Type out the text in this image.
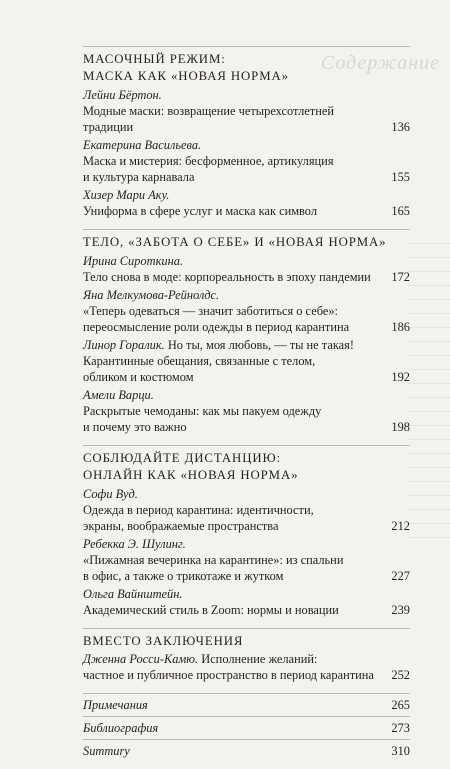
Содержание
МАСОЧНЫЙ РЕЖИМ:
МАСКА КАК «НОВАЯ НОРМА»
Лейни Бёртон.
Модные маски: возвращение четырехсотлетней традиции	136
Екатерина Васильева.
Маска и мистерия: бесформенное, артикуляция
и культура карнавала	155
Хизер Мари Аку.
Униформа в сфере услуг и маска как символ	165
ТЕЛО, «ЗАБОТА О СЕБЕ» И «НОВАЯ НОРМА»
Ирина Сироткина.
Тело снова в моде: корпореальность в эпоху пандемии	172
Яна Мелкумова-Рейнолдс.
«Теперь одеваться — значит заботиться о себе»:
переосмысление роли одежды в период карантина	186
Линор Горалик. Но ты, моя любовь, — ты не такая!
Карантинные обещания, связанные с телом,
обликом и костюмом	192
Амели Варци.
Раскрытые чемоданы: как мы пакуем одежду
и почему это важно	198
СОБЛЮДАЙТЕ ДИСТАНЦИЮ:
ОНЛАЙН КАК «НОВАЯ НОРМА»
Софи Вуд.
Одежда в период карантина: идентичности,
экраны, воображаемые пространства	212
Ребекка Э. Шулинг.
«Пижамная вечеринка на карантине»: из спальни
в офис, а также о трикотаже и жутком	227
Ольга Вайнштейн.
Академический стиль в Zoom: нормы и новации	239
ВМЕСТО ЗАКЛЮЧЕНИЯ
Дженна Росси-Камю. Исполнение желаний:
частное и публичное пространство в период карантина	252
Примечания	265
Библиография	273
Summury	310
